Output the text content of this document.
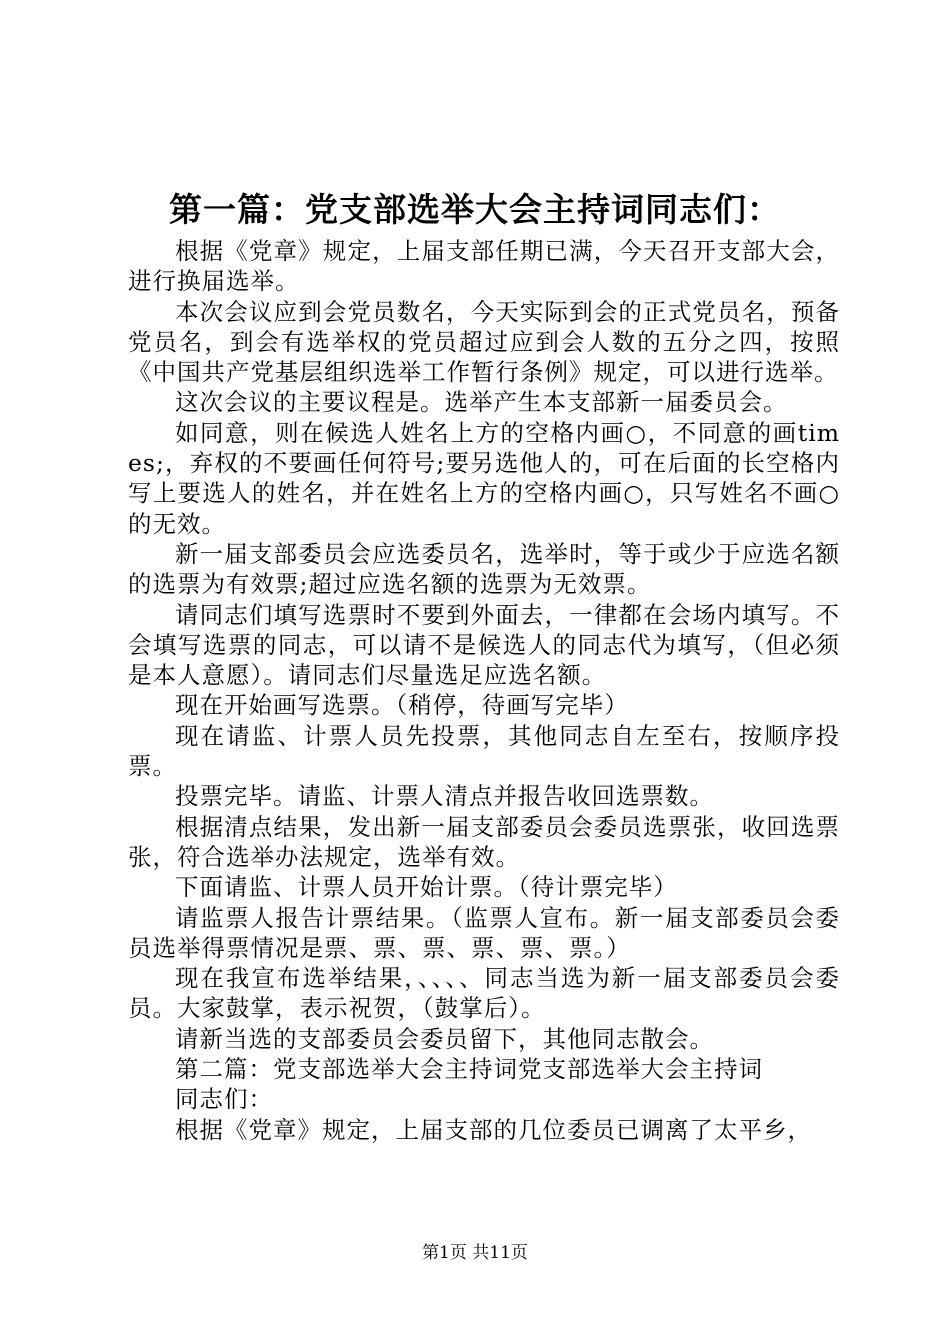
第一篇：党支部选举大会主持词同志们：

根据《党章》规定，上届支部任期已满，今天召开支部大会，进行换届选举。

本次会议应到会党员数名，今天实际到会的正式党员名，预备党员名，到会有选举权的党员超过应到会人数的五分之四，按照《中国共产党基层组织选举工作暂行条例》规定，可以进行选举。

这次会议的主要议程是。选举产生本支部新一届委员会。

如同意，则在候选人姓名上方的空格内画○，不同意的画times;，弃权的不要画任何符号;要另选他人的，可在后面的长空格内写上要选人的姓名，并在姓名上方的空格内画○，只写姓名不画○的无效。

新一届支部委员会应选委员名，选举时，等于或少于应选名额的选票为有效票;超过应选名额的选票为无效票。

请同志们填写选票时不要到外面去，一律都在会场内填写。不会填写选票的同志，可以请不是候选人的同志代为填写，（但必须是本人意愿）。请同志们尽量选足应选名额。

现在开始画写选票。（稍停，待画写完毕）

现在请监、计票人员先投票，其他同志自左至右，按顺序投票。

投票完毕。请监、计票人清点并报告收回选票数。

根据清点结果，发出新一届支部委员会委员选票张，收回选票张，符合选举办法规定，选举有效。

下面请监、计票人员开始计票。（待计票完毕）

请监票人报告计票结果。（监票人宣布。新一届支部委员会委员选举得票情况是票、票、票、票、票、票。）

现在我宣布选举结果，、、、、同志当选为新一届支部委员会委员。大家鼓掌，表示祝贺，（鼓掌后）。

请新当选的支部委员会委员留下，其他同志散会。

第二篇：党支部选举大会主持词党支部选举大会主持词

同志们：

根据《党章》规定，上届支部的几位委员已调离了太平乡，

第1页 共11页
